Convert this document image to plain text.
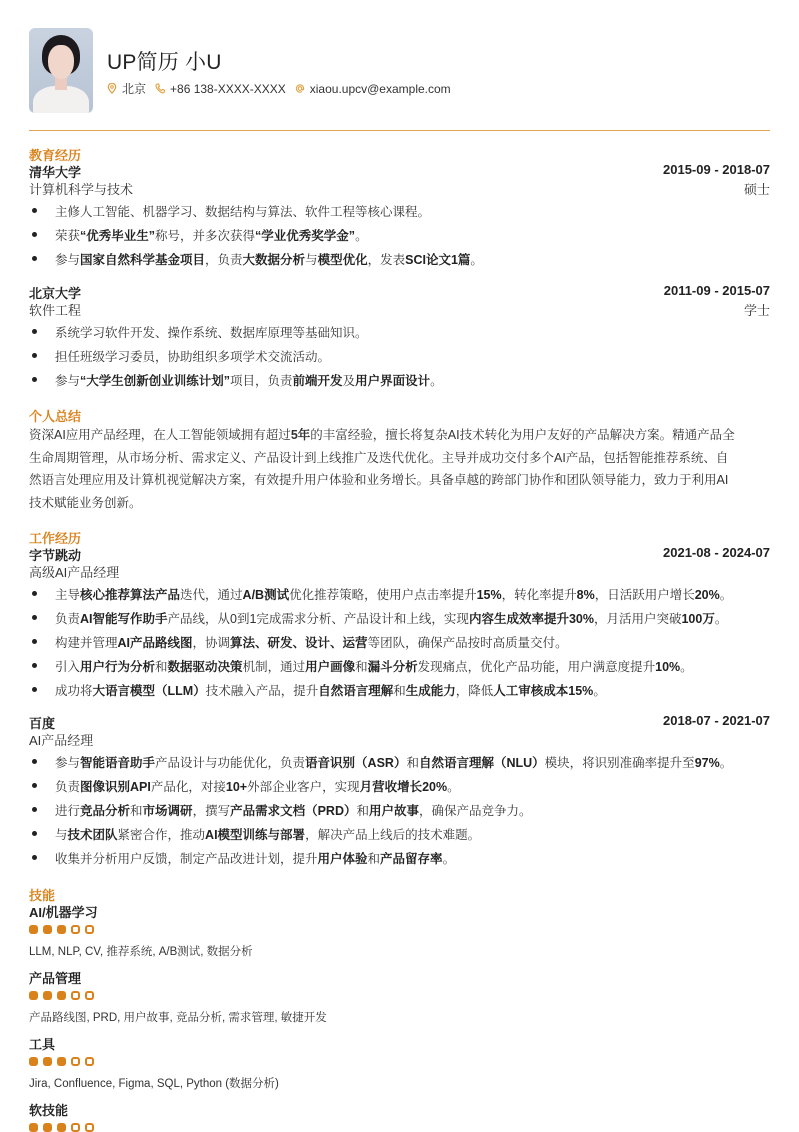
UP简历 小U
北京 +86 138-XXXX-XXXX xiaou.upcv@example.com
教育经历
清华大学	2015-09 - 2018-07
计算机科学与技术	硕士
主修人工智能、机器学习、数据结构与算法、软件工程等核心课程。
荣获“优秀毕业生”称号，并多次获得“学业优秀奖学金”。
参与国家自然科学基金项目，负责大数据分析与模型优化，发表SCI论文1篇。
北京大学	2011-09 - 2015-07
软件工程	学士
系统学习软件开发、操作系统、数据库原理等基础知识。
担任班级学习委员，协助组织多项学术交流活动。
参与“大学生创新创业训练计划”项目，负责前端开发及用户界面设计。
个人总结
资深AI应用产品经理，在人工智能领域拥有超过5年的丰富经验，擅长将复杂AI技术转化为用户友好的产品解决方案。精通产品全
生命周期管理，从市场分析、需求定义、产品设计到上线推广及迭代优化。主导并成功交付多个AI产品，包括智能推荐系统、自
然语言处理应用及计算机视觉解决方案，有效提升用户体验和业务增长。具备卓越的跨部门协作和团队领导能力，致力于利用AI
技术赋能业务创新。
工作经历
字节跳动	2021-08 - 2024-07
高级AI产品经理
主导核心推荐算法产品迭代，通过A/B测试优化推荐策略，使用户点击率提升15%，转化率提升8%，日活跃用户增长20%。
负责AI智能写作助手产品线，从0到1完成需求分析、产品设计和上线，实现内容生成效率提升30%，月活用户突破100万。
构建并管理AI产品路线图，协调算法、研发、设计、运营等团队，确保产品按时高质量交付。
引入用户行为分析和数据驱动决策机制，通过用户画像和漏斗分析发现痛点，优化产品功能，用户满意度提升10%。
成功将大语言模型（LLM）技术融入产品，提升自然语言理解和生成能力，降低人工审核成本15%。
百度	2018-07 - 2021-07
AI产品经理
参与智能语音助手产品设计与功能优化，负责语音识别（ASR）和自然语言理解（NLU）模块，将识别准确率提升至97%。
负责图像识别API产品化，对接10+外部企业客户，实现月营收增长20%。
进行竞品分析和市场调研，撰写产品需求文档（PRD）和用户故事，确保产品竞争力。
与技术团队紧密合作，推动AI模型训练与部署，解决产品上线后的技术难题。
收集并分析用户反馈，制定产品改进计划，提升用户体验和产品留存率。
技能
AI/机器学习
LLM, NLP, CV, 推荐系统, A/B测试, 数据分析
产品管理
产品路线图, PRD, 用户故事, 竞品分析, 需求管理, 敏捷开发
工具
Jira, Confluence, Figma, SQL, Python (数据分析)
软技能
